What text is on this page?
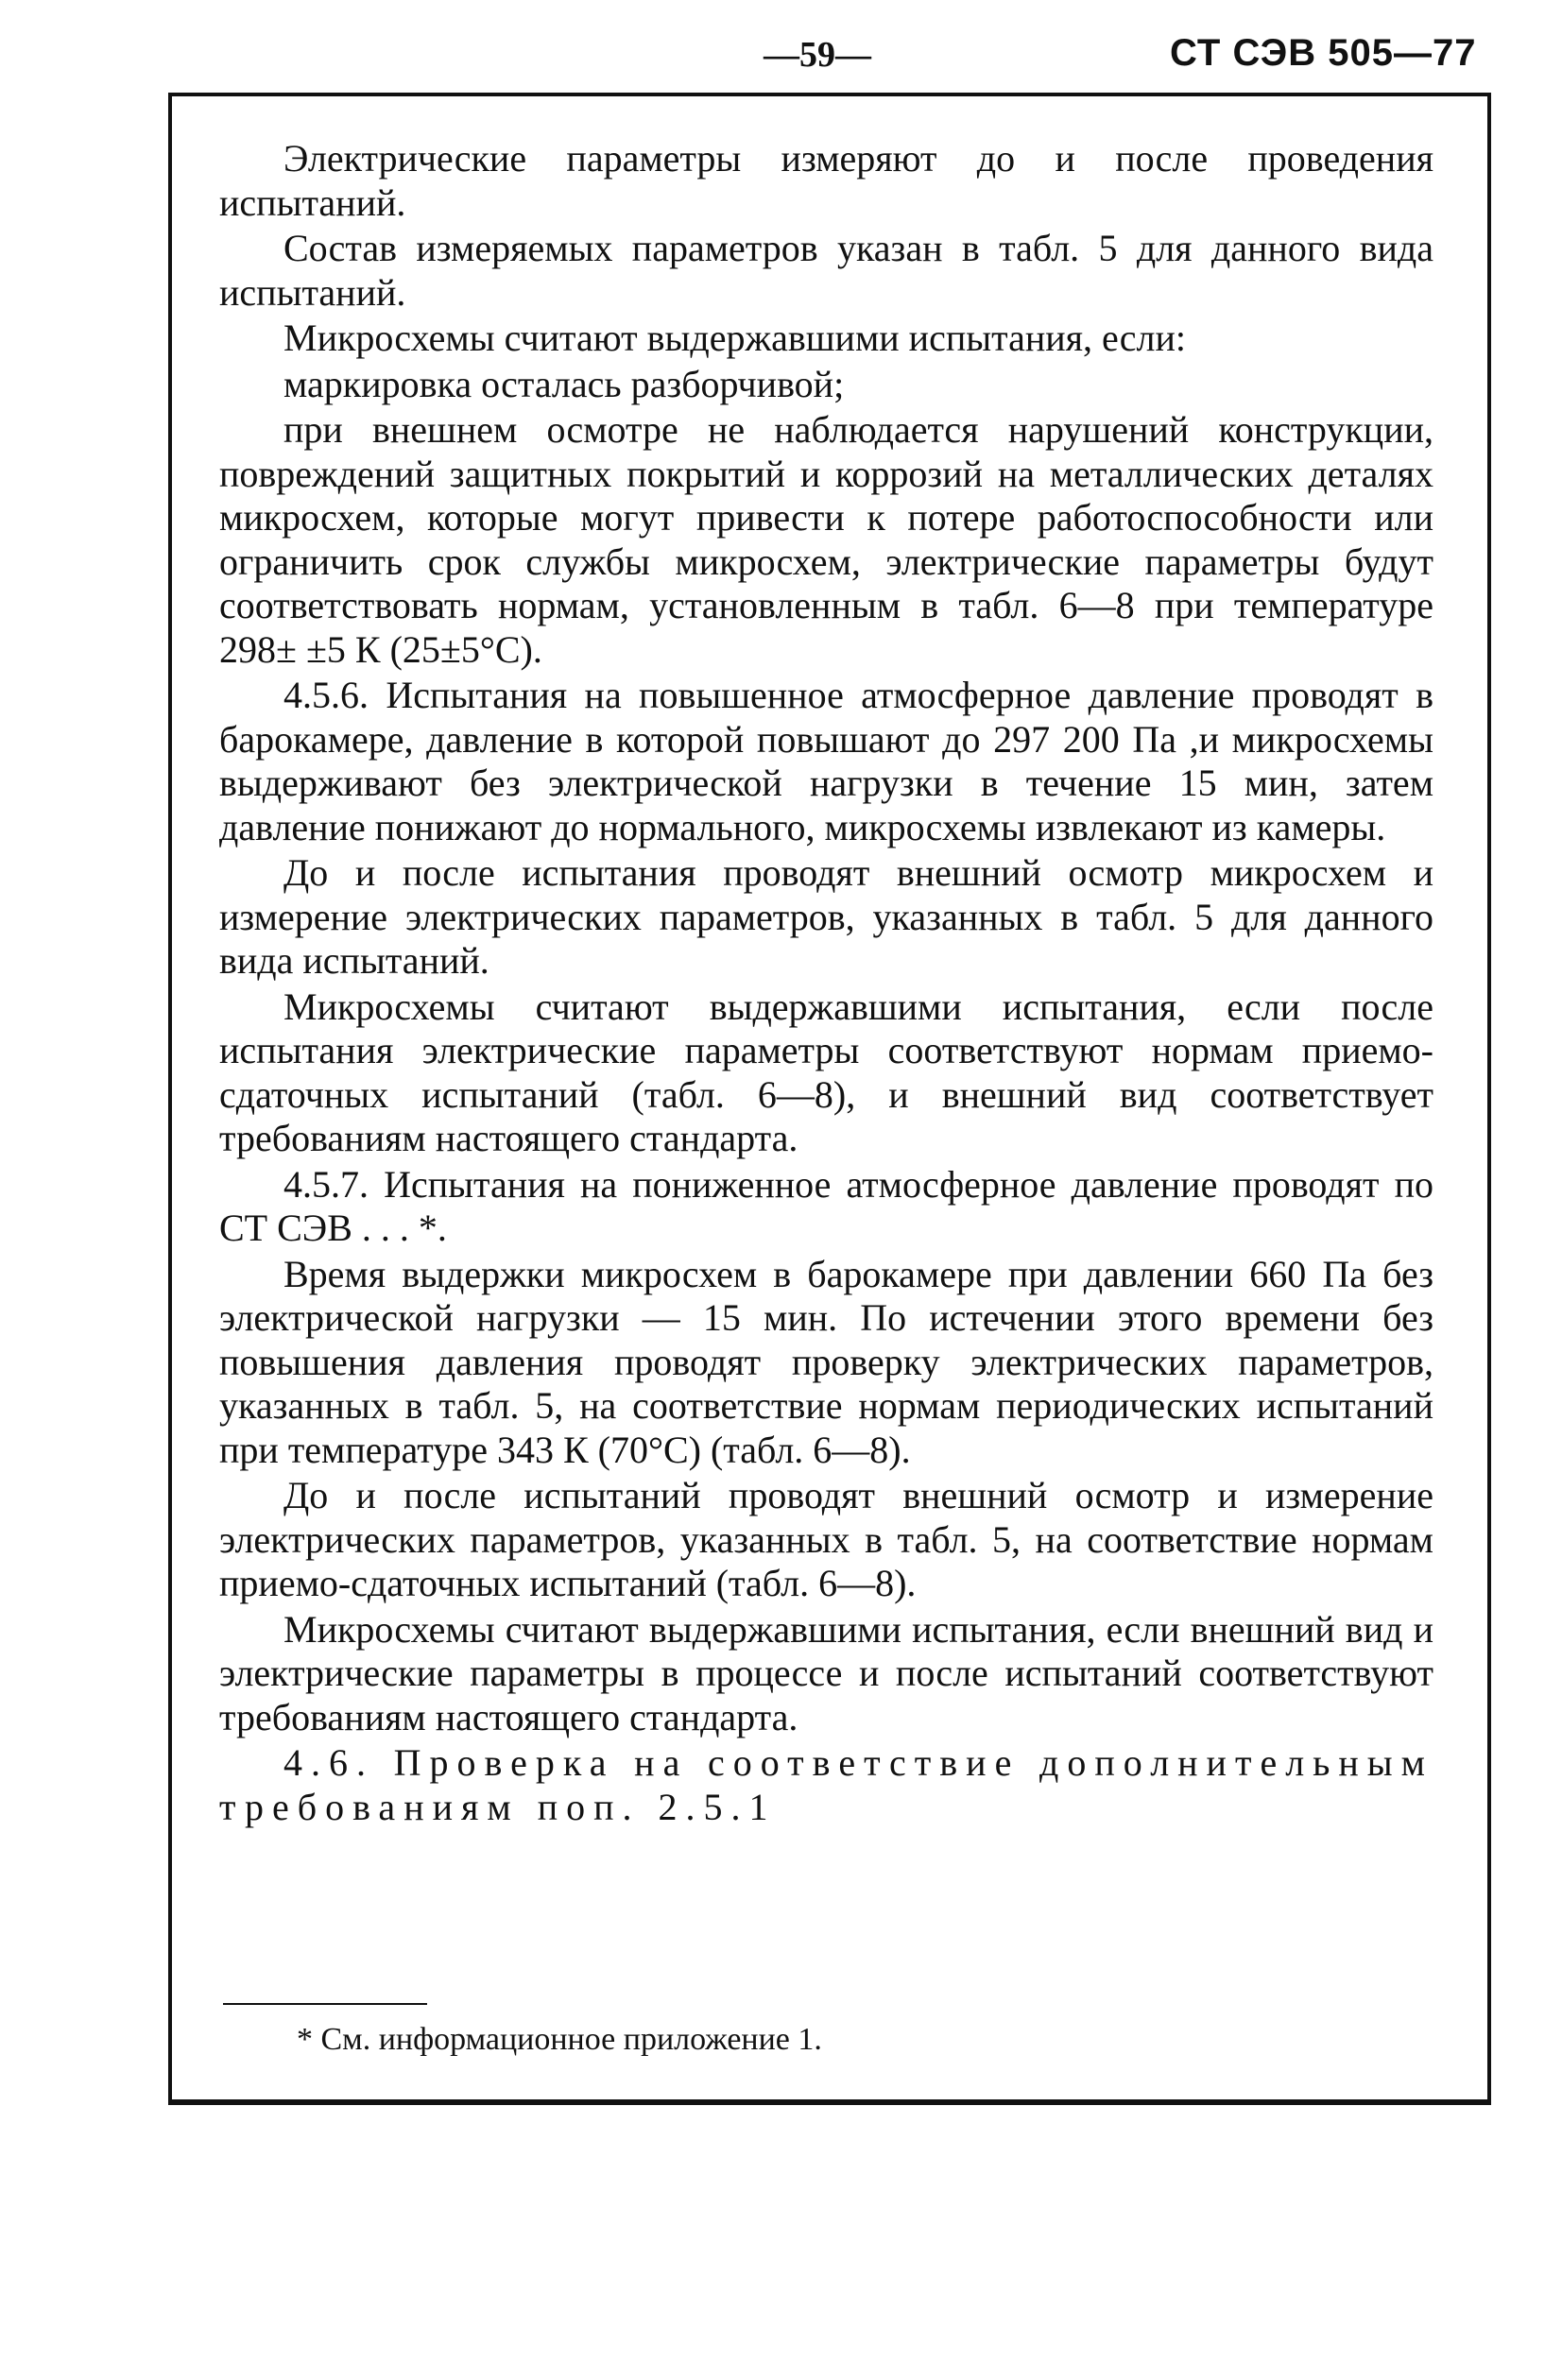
—59—	СТ СЭВ 505—77

Электрические параметры измеряют до и после проведения испытаний.

Состав измеряемых параметров указан в табл. 5 для данного вида испытаний.

Микросхемы считают выдержавшими испытания, если:

маркировка осталась разборчивой;

при внешнем осмотре не наблюдается нарушений конструкции, повреждений защитных покрытий и коррозий на металлических деталях микросхем, которые могут привести к потере работоспособности или ограничить срок службы микросхем, электрические параметры будут соответствовать нормам, установленным в табл. 6—8 при температуре 298± ±5 К (25±5°С).

4.5.6. Испытания на повышенное атмосферное давление проводят в барокамере, давление в которой повышают до 297 200 Па ,и микросхемы выдерживают без электрической нагрузки в течение 15 мин, затем давление понижают до нормального, микросхемы извлекают из камеры.

До и после испытания проводят внешний осмотр микросхем и измерение электрических параметров, указанных в табл. 5 для данного вида испытаний.

Микросхемы считают выдержавшими испытания, если после испытания электрические параметры соответствуют нормам приемо-сдаточных испытаний (табл. 6—8), и внешний вид соответствует требованиям настоящего стандарта.

4.5.7. Испытания на пониженное атмосферное давление проводят по СТ СЭВ . . . *.

Время выдержки микросхем в барокамере при давлении 660 Па без электрической нагрузки — 15 мин. По истечении этого времени без повышения давления проводят проверку электрических параметров, указанных в табл. 5, на соответствие нормам периодических испытаний при температуре 343 К (70°С) (табл. 6—8).

До и после испытаний проводят внешний осмотр и измерение электрических параметров, указанных в табл. 5, на соответствие нормам приемо-сдаточных испытаний (табл. 6—8).

Микросхемы считают выдержавшими испытания, если внешний вид и электрические параметры в процессе и после испытаний соответствуют требованиям настоящего стандарта.

4.6. Проверка на соответствие дополнительным требованиям поп. 2.5.1

* См. информационное приложение 1.
